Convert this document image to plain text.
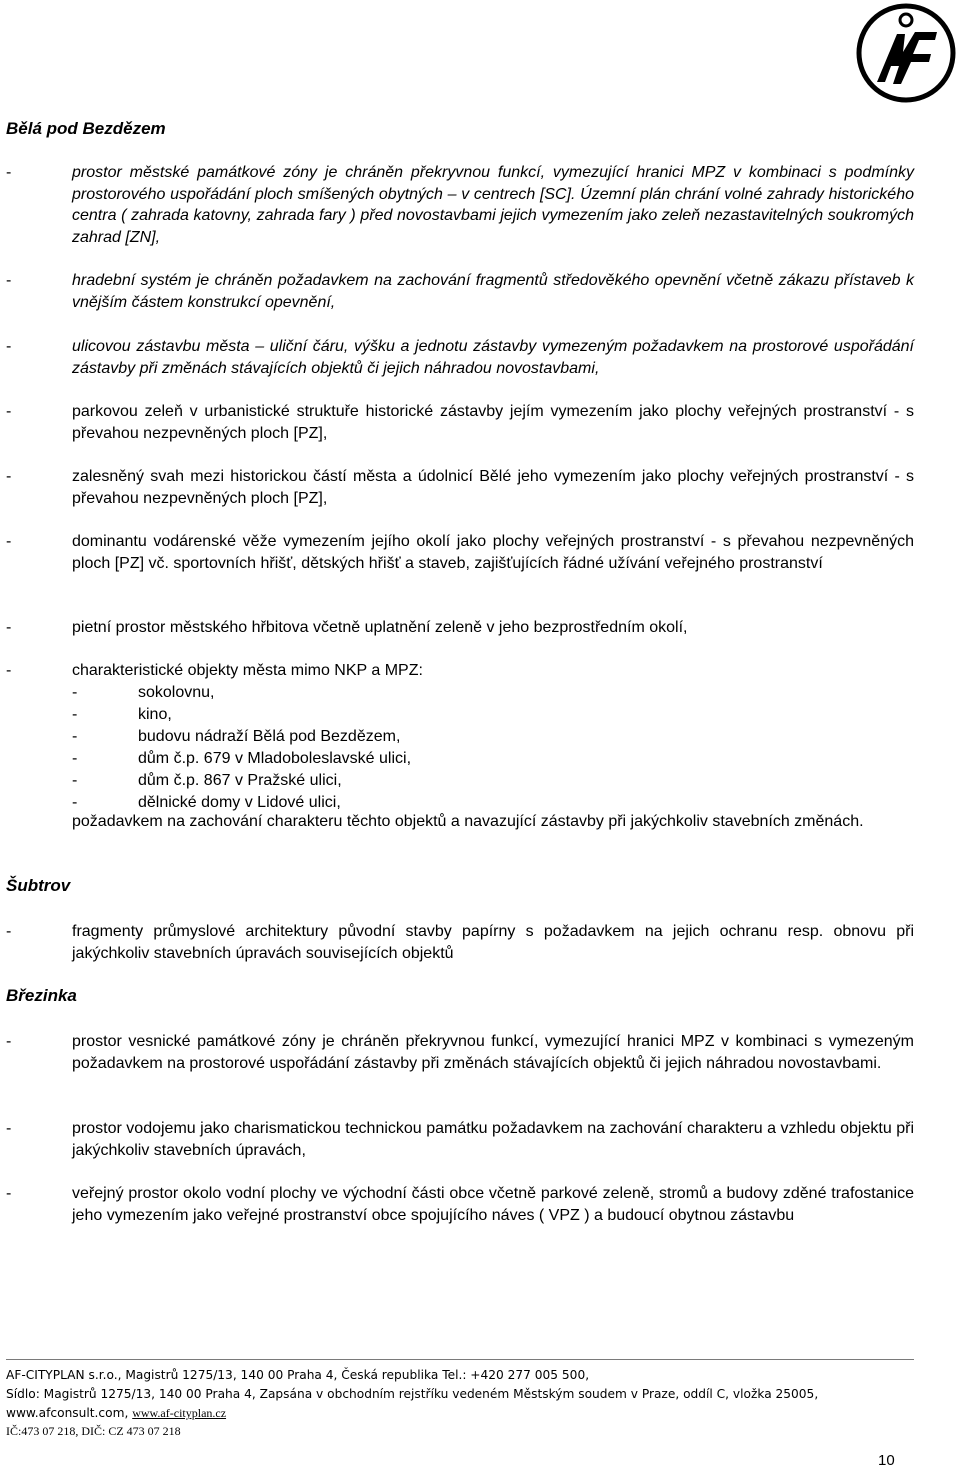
Bělá pod Bezdězem
-	prostor městské památkové zóny je chráněn překryvnou funkcí, vymezující hranici MPZ v kombinaci s podmínky prostorového uspořádání ploch smíšených obytných – v centrech [SC]. Územní plán chrání volné zahrady historického centra ( zahrada katovny, zahrada fary ) před novostavbami jejich vymezením jako zeleň nezastavitelných soukromých zahrad [ZN],

-	hradební systém je chráněn požadavkem na zachování fragmentů středověkého opevnění včetně zákazu přístaveb k vnějším částem konstrukcí opevnění,

-	ulicovou zástavbu města – uliční čáru, výšku a jednotu zástavby vymezeným požadavkem na prostorové uspořádání zástavby při změnách stávajících objektů či jejich náhradou novostavbami,

-	parkovou zeleň v urbanistické struktuře historické zástavby jejím vymezením jako plochy veřejných prostranství - s převahou nezpevněných ploch [PZ],

-	zalesněný svah mezi historickou částí města a údolnicí Bělé jeho vymezením jako plochy veřejných prostranství - s převahou nezpevněných ploch [PZ],

-	dominantu vodárenské věže vymezením jejího okolí jako plochy veřejných prostranství - s převahou nezpevněných ploch [PZ] vč. sportovních hřišť, dětských hřišť a staveb, zajišťujících řádné užívání veřejného prostranství

-	pietní prostor městského hřbitova včetně uplatnění zeleně v jeho bezprostředním okolí,

-	charakteristické objekty města mimo NKP a MPZ:

-	sokolovnu,
-	kino,
-	budovu nádraží Bělá pod Bezdězem,
-	dům č.p. 679 v Mladoboleslavské ulici,
-	dům č.p. 867 v Pražské ulici,
-	dělnické domy v Lidové ulici,

požadavkem na zachování charakteru těchto objektů a navazující zástavby při jakýchkoliv stavebních změnách.

Šubtrov
-	fragmenty průmyslové architektury původní stavby papírny s požadavkem na jejich ochranu resp. obnovu při jakýchkoliv stavebních úpravách souvisejících objektů

Březinka
-	prostor vesnické památkové zóny je chráněn překryvnou funkcí, vymezující hranici MPZ v kombinaci s vymezeným požadavkem na prostorové uspořádání zástavby při změnách stávajících objektů či jejich náhradou novostavbami.

-	prostor vodojemu jako charismatickou technickou památku požadavkem na zachování charakteru a vzhledu objektu při jakýchkoliv stavebních úpravách,

-	veřejný prostor okolo vodní plochy ve východní části obce včetně parkové zeleně, stromů a budovy zděné trafostanice jeho vymezením jako veřejné prostranství obce spojujícího náves ( VPZ ) a budoucí obytnou zástavbu

AF-CITYPLAN s.r.o., Magistrů 1275/13, 140 00 Praha 4, Česká republika Tel.: +420 277 005 500,
Sídlo: Magistrů 1275/13, 140 00 Praha 4, Zapsána v obchodním rejstříku vedeném Městským soudem v Praze, oddíl C, vložka 25005,
www.afconsult.com, www.af-cityplan.cz
IČ:473 07 218, DIČ: CZ 473 07 218
10
